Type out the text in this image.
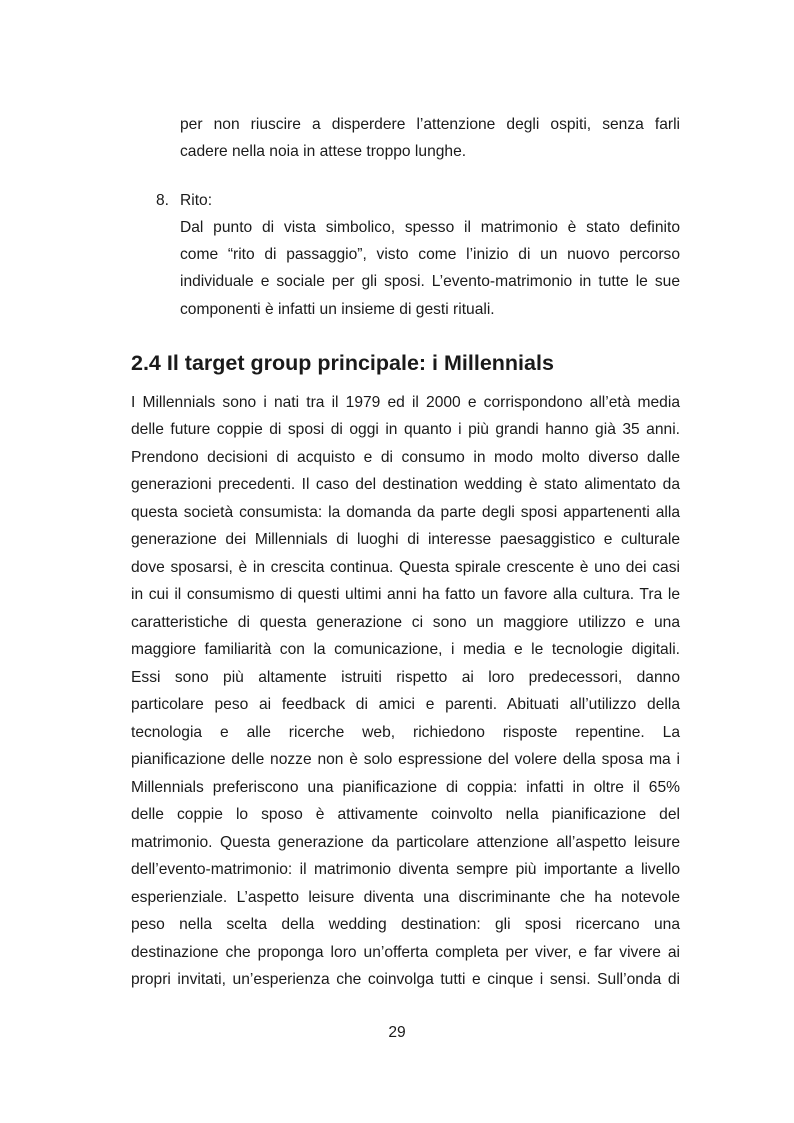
per non riuscire a disperdere l’attenzione degli ospiti, senza farli

cadere nella noia in attese troppo lunghe.

8. Rito:

Dal punto di vista simbolico, spesso il matrimonio è stato definito

come “rito di passaggio”, visto come l’inizio di un nuovo percorso

individuale e sociale per gli sposi. L’evento-matrimonio in tutte le sue

componenti è infatti un insieme di gesti rituali.

2.4 Il target group principale: i Millennials

I Millennials sono i nati tra il 1979 ed il 2000 e corrispondono all’età media

delle future coppie di sposi di oggi in quanto i più grandi hanno già 35 anni.

Prendono decisioni di acquisto e di consumo in modo molto diverso dalle

generazioni precedenti. Il caso del destination wedding è stato alimentato da

questa società consumista: la domanda da parte degli sposi appartenenti alla

generazione dei Millennials di luoghi di interesse paesaggistico e culturale

dove sposarsi, è in crescita continua. Questa spirale crescente è uno dei casi

in cui il consumismo di questi ultimi anni ha fatto un favore alla cultura. Tra le

caratteristiche di questa generazione ci sono un maggiore utilizzo e una

maggiore familiarità con la comunicazione, i media e le tecnologie digitali.

Essi sono più altamente istruiti rispetto ai loro predecessori, danno

particolare peso ai feedback di amici e parenti. Abituati all’utilizzo della

tecnologia e alle ricerche web, richiedono risposte repentine. La

pianificazione delle nozze non è solo espressione del volere della sposa ma i

Millennials preferiscono una pianificazione di coppia: infatti in oltre il 65%

delle coppie lo sposo è attivamente coinvolto nella pianificazione del

matrimonio. Questa generazione da particolare attenzione all’aspetto leisure

dell’evento-matrimonio: il matrimonio diventa sempre più importante a livello

esperienziale. L’aspetto leisure diventa una discriminante che ha notevole

peso nella scelta della wedding destination: gli sposi ricercano una

destinazione che proponga loro un’offerta completa per viver, e far vivere ai

propri invitati, un’esperienza che coinvolga tutti e cinque i sensi. Sull’onda di

29
